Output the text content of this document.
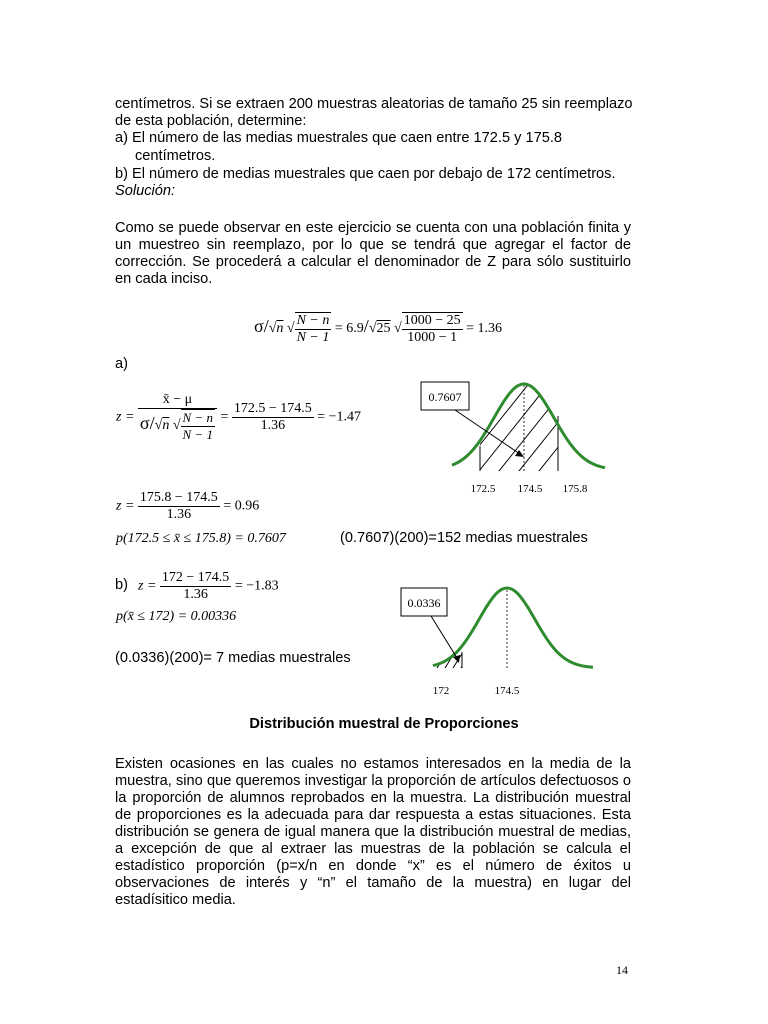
centímetros. Si se extraen 200 muestras aleatorias de tamaño 25 sin reemplazo
de esta población, determine:
a) El número de las medias muestrales que caen entre 172.5 y 175.8
centímetros.
b) El número de medias muestrales que caen por debajo de 172 centímetros.
Solución:
Como se puede observar en este ejercicio se cuenta con una población finita y un muestreo sin reemplazo, por lo que se tendrá que agregar el factor de corrección. Se procederá a calcular el denominador de Z para sólo sustituirlo en cada inciso.
σ/√n √ $\frac{N - n}{N - 1} = 6.9/√25$ √ $\frac{1000 - 25}{1000 - 1} = 1.36$
a)
$z = \frac{x̄ - \mu}{\sigma/√n √ \frac{N - n}{N - 1}} = \frac{172.5 - 174.5}{1.36} = -1.47$
$z = \frac{175.8 - 174.5}{1.36} = 0.96$
p(172.5 ≤ x̄ ≤ 175.8) = 0.7607	(0.7607)(200)=152 medias muestrales
0.7607
172.5 174.5 175.8
b) $z = \frac{172 - 174.5}{1.36} = -1.83$
p(x̄ ≤ 172) = 0.00336
(0.0336)(200)= 7 medias muestrales
0.0336
172	174.5
Distribución muestral de Proporciones
Existen ocasiones en las cuales no estamos interesados en la media de la muestra, sino que queremos investigar la proporción de artículos defectuosos o la proporción de alumnos reprobados en la muestra. La distribución muestral de proporciones es la adecuada para dar respuesta a estas situaciones. Esta distribución se genera de igual manera que la distribución muestral de medias, a excepción de que al extraer las muestras de la población se calcula el estadístico proporción (p=x/n en donde “x” es el número de éxitos u observaciones de interés y “n” el tamaño de la muestra) en lugar del estadísitico media.
14
